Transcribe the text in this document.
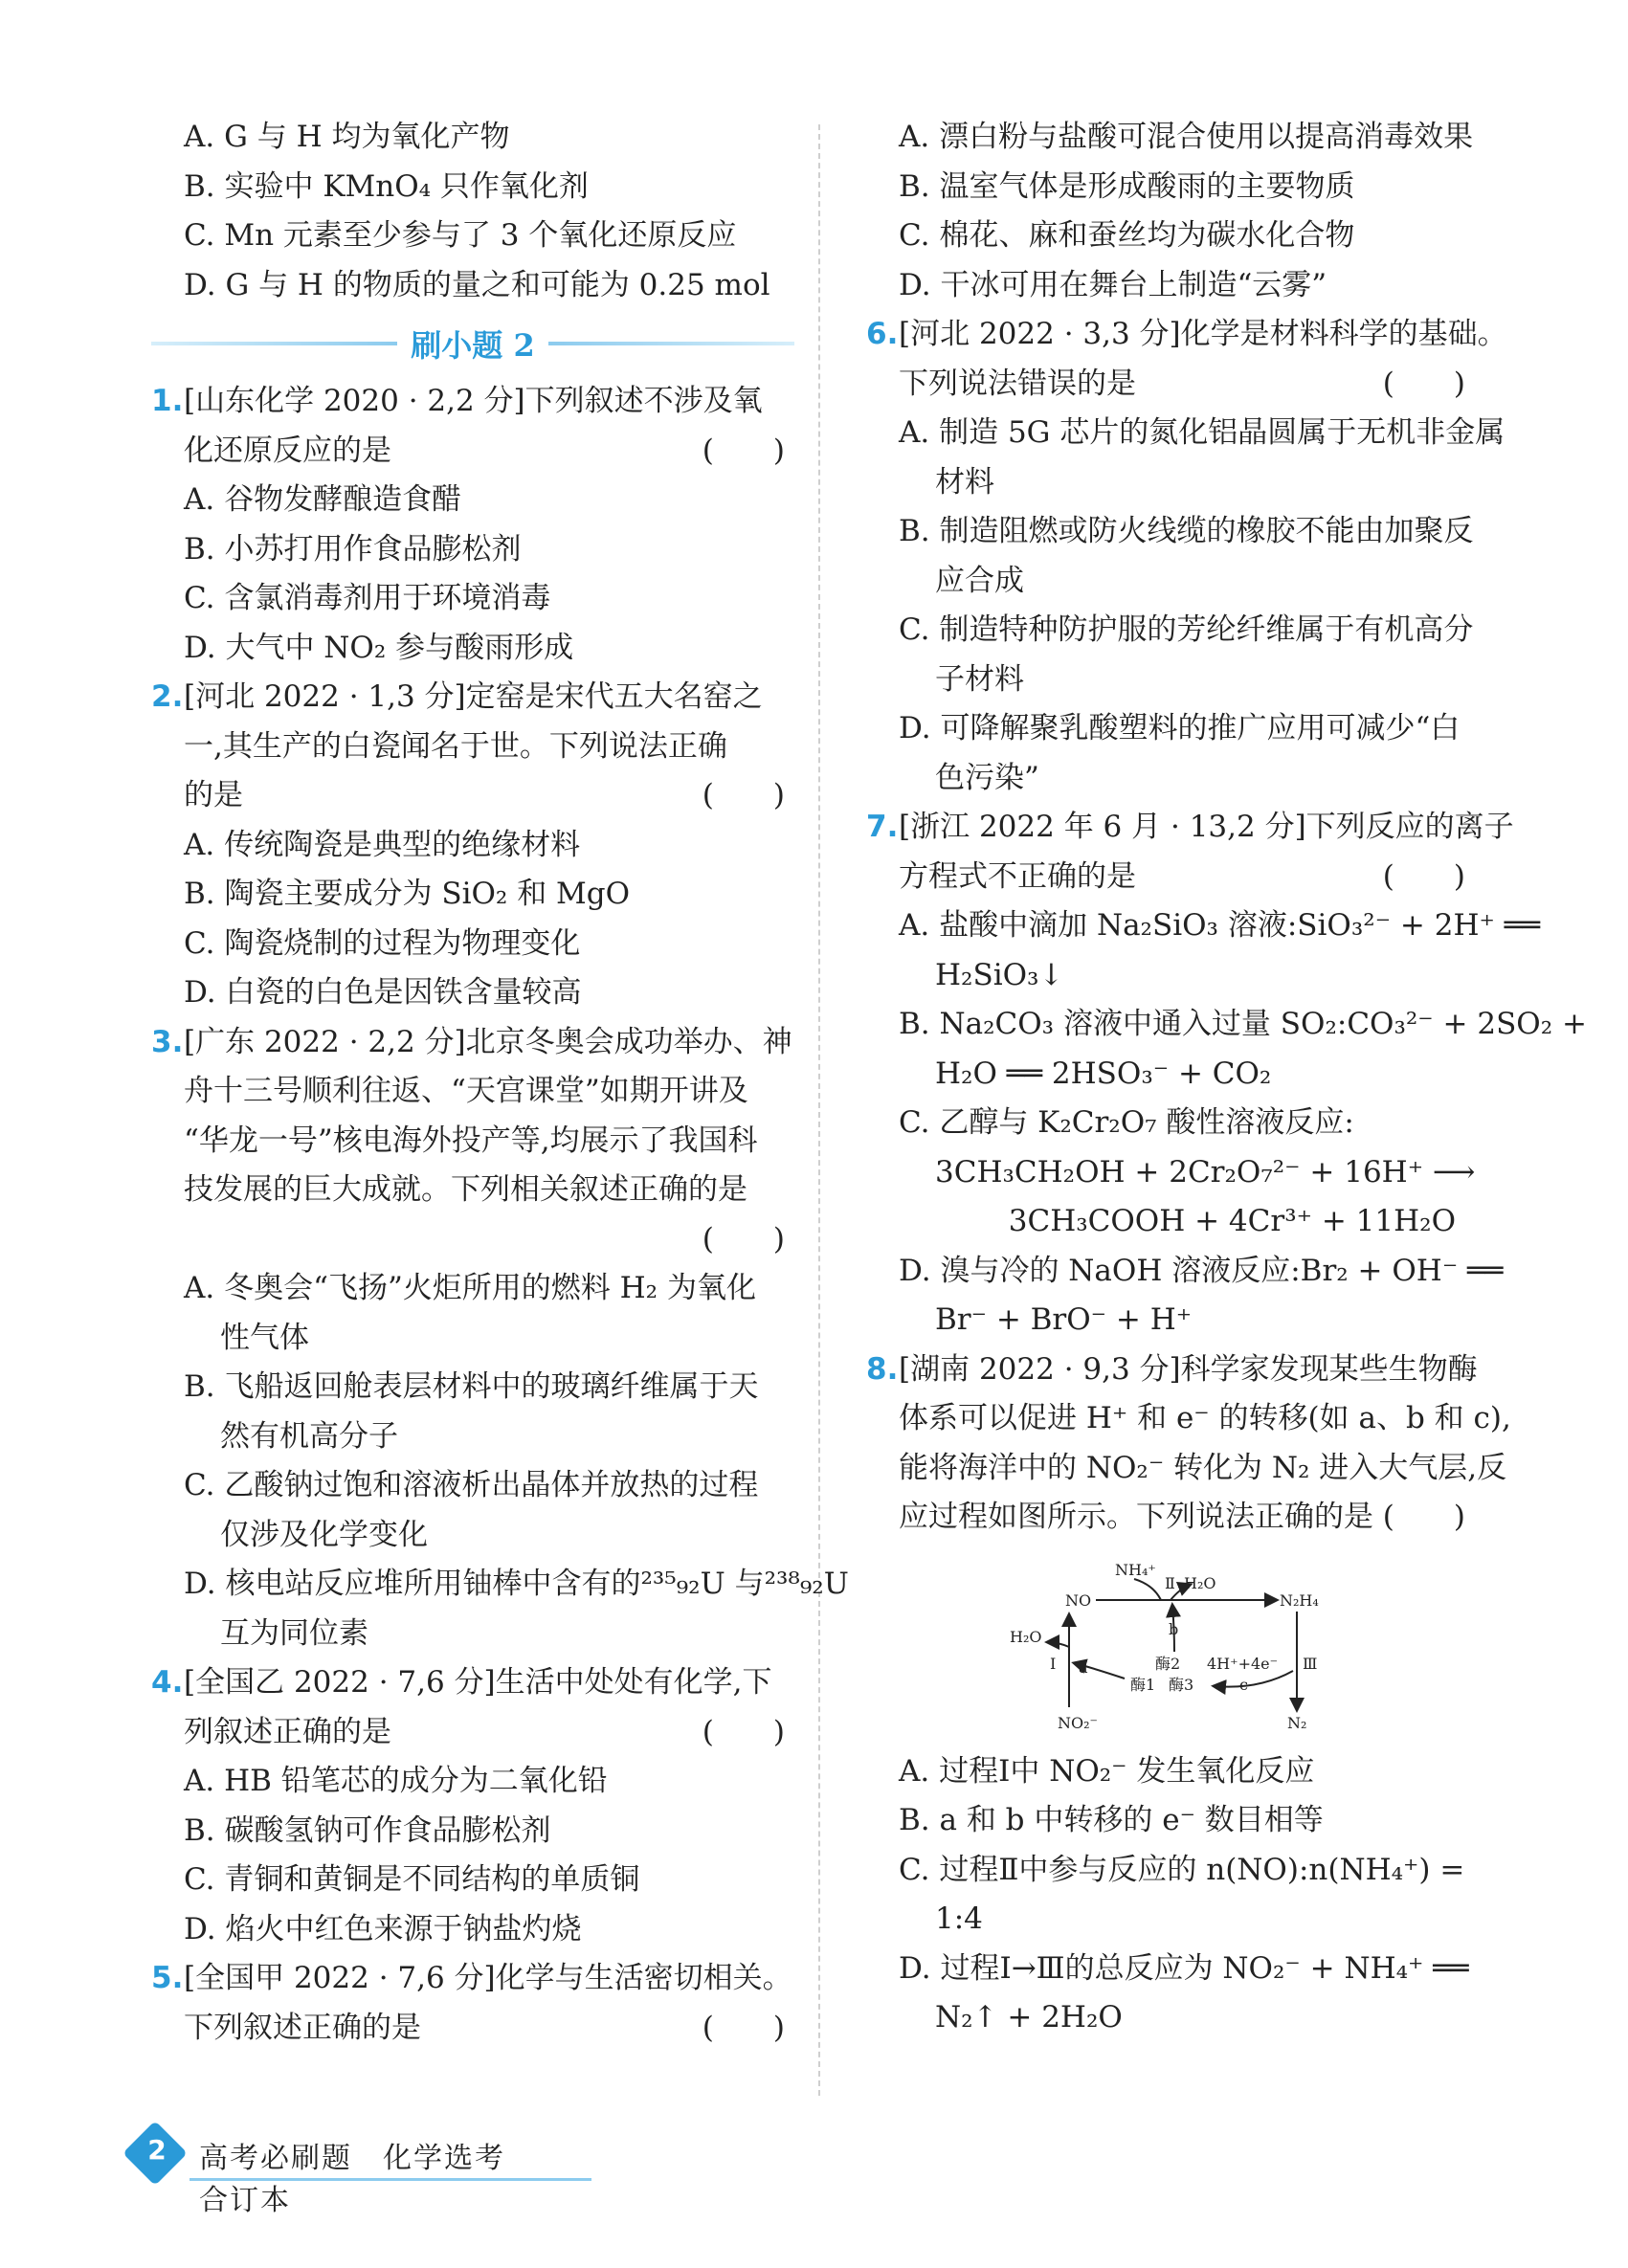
A. G 与 H 均为氧化产物
B. 实验中 KMnO₄ 只作氧化剂
C. Mn 元素至少参与了 3 个氧化还原反应
D. G 与 H 的物质的量之和可能为 0.25 mol
刷小题 2
1. [山东化学 2020 · 2,2 分]下列叙述不涉及氧
化还原反应的是	(　　)
A. 谷物发酵酿造食醋
B. 小苏打用作食品膨松剂
C. 含氯消毒剂用于环境消毒
D. 大气中 NO₂ 参与酸雨形成
2. [河北 2022 · 1,3 分]定窑是宋代五大名窑之
一,其生产的白瓷闻名于世。下列说法正确
的是	(　　)
A. 传统陶瓷是典型的绝缘材料
B. 陶瓷主要成分为 SiO₂ 和 MgO
C. 陶瓷烧制的过程为物理变化
D. 白瓷的白色是因铁含量较高
3. [广东 2022 · 2,2 分]北京冬奥会成功举办、神
舟十三号顺利往返、“天宫课堂”如期开讲及
“华龙一号”核电海外投产等,均展示了我国科
技发展的巨大成就。下列相关叙述正确的是
(　　)
A. 冬奥会“飞扬”火炬所用的燃料 H₂ 为氧化
性气体
B. 飞船返回舱表层材料中的玻璃纤维属于天
然有机高分子
C. 乙酸钠过饱和溶液析出晶体并放热的过程
仅涉及化学变化
D. 核电站反应堆所用铀棒中含有的²³⁵₉₂U 与²³⁸₉₂U
互为同位素
4. [全国乙 2022 · 7,6 分]生活中处处有化学,下
列叙述正确的是	(　　)
A. HB 铅笔芯的成分为二氧化铅
B. 碳酸氢钠可作食品膨松剂
C. 青铜和黄铜是不同结构的单质铜
D. 焰火中红色来源于钠盐灼烧
5. [全国甲 2022 · 7,6 分]化学与生活密切相关。
下列叙述正确的是	(　　)
A. 漂白粉与盐酸可混合使用以提高消毒效果
B. 温室气体是形成酸雨的主要物质
C. 棉花、麻和蚕丝均为碳水化合物
D. 干冰可用在舞台上制造“云雾”
6. [河北 2022 · 3,3 分]化学是材料科学的基础。
下列说法错误的是	(　　)
A. 制造 5G 芯片的氮化铝晶圆属于无机非金属
材料
B. 制造阻燃或防火线缆的橡胶不能由加聚反
应合成
C. 制造特种防护服的芳纶纤维属于有机高分
子材料
D. 可降解聚乳酸塑料的推广应用可减少“白
色污染”
7. [浙江 2022 年 6 月 · 13,2 分]下列反应的离子
方程式不正确的是	(　　)
A. 盐酸中滴加 Na₂SiO₃ 溶液:SiO₃²⁻ + 2H⁺ ══
H₂SiO₃↓
B. Na₂CO₃ 溶液中通入过量 SO₂:CO₃²⁻ + 2SO₂ +
H₂O ══ 2HSO₃⁻ + CO₂
C. 乙醇与 K₂Cr₂O₇ 酸性溶液反应:
3CH₃CH₂OH + 2Cr₂O₇²⁻ + 16H⁺ ⟶
3CH₃COOH + 4Cr³⁺ + 11H₂O
D. 溴与冷的 NaOH 溶液反应:Br₂ + OH⁻ ══
Br⁻ + BrO⁻ + H⁺
8. [湖南 2022 · 9,3 分]科学家发现某些生物酶
体系可以促进 H⁺ 和 e⁻ 的转移(如 a、b 和 c),
能将海洋中的 NO₂⁻ 转化为 N₂ 进入大气层,反
应过程如图所示。下列说法正确的是 (　　)
NO
NH₄⁺
Ⅱ H₂O
N₂H₄
H₂O
Ⅰ a
b
酶2 4H⁺+4e⁻ Ⅲ
酶1 酶3	c
NO₂⁻	N₂
A. 过程Ⅰ中 NO₂⁻ 发生氧化反应
B. a 和 b 中转移的 e⁻ 数目相等
C. 过程Ⅱ中参与反应的 n(NO):n(NH₄⁺) =
1:4
D. 过程Ⅰ→Ⅲ的总反应为 NO₂⁻ + NH₄⁺ ══
N₂↑ + 2H₂O
2 高考必刷题　化学选考　合订本
